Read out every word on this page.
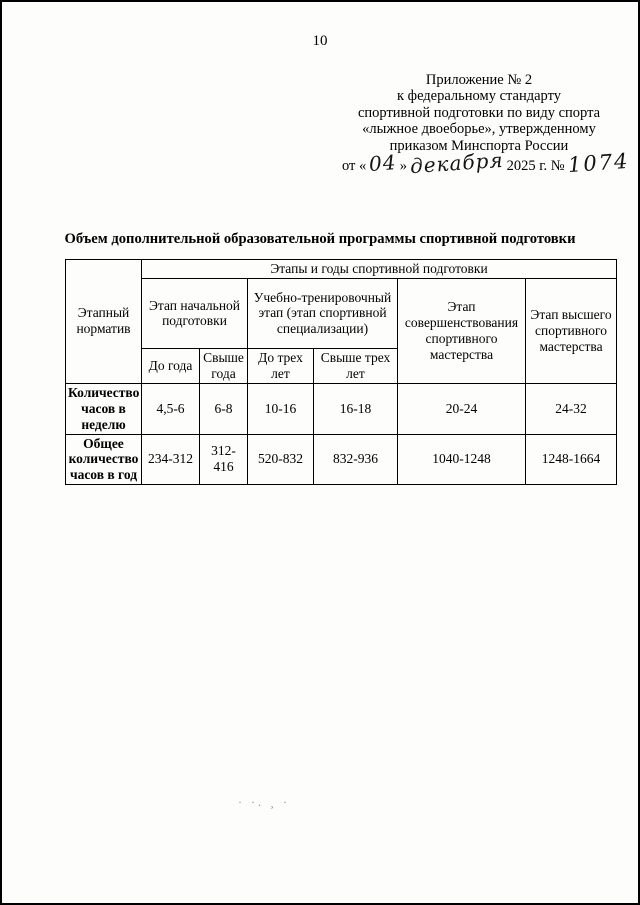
10
Приложение № 2
к федеральному стандарту
спортивной подготовки по виду спорта
«лыжное двоеборье», утвержденному
приказом Минспорта России
от « 04 » декабря 2025 г. № 1074
Объем дополнительной образовательной программы спортивной подготовки
Этапный норматив	Этапы и годы спортивной подготовки					
	Этап начальной подготовки		Учебно-тренировочный этап (этап спортивной специализации)		Этап совершенствования спортивного мастерства	Этап высшего спортивного мастерства
	До года	Свыше года	До трех лет	Свыше трех лет		
Количество часов в неделю	4,5-6	6-8	10-16	16-18	20-24	24-32
Общее количество часов в год	234-312	312-416	520-832	832-936	1040-1248	1248-1664
· ·. ¸ ·
